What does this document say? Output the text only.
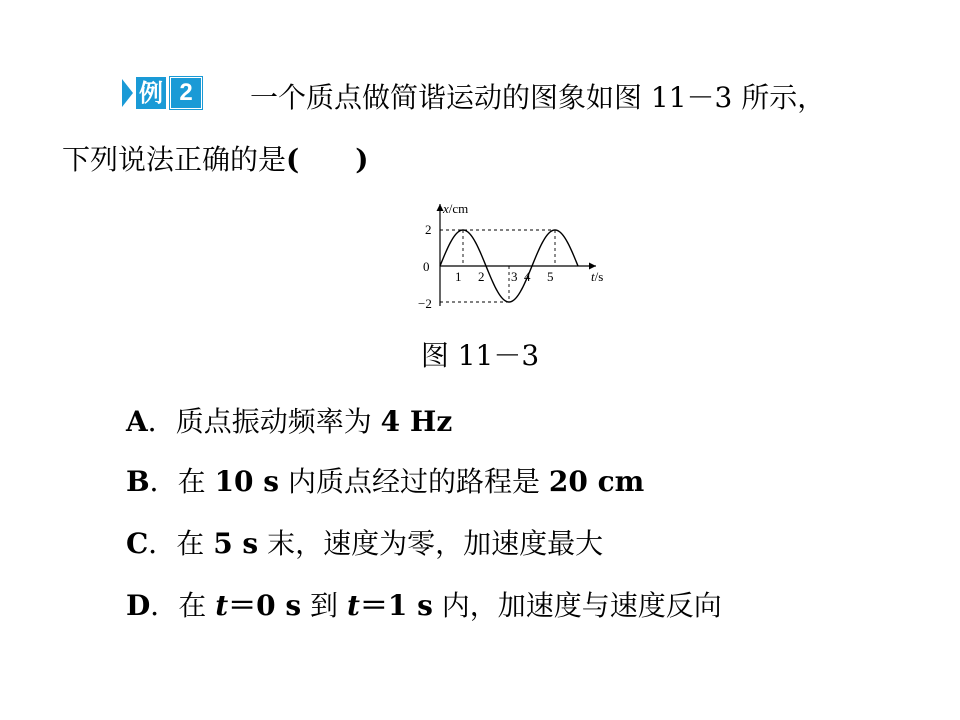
例 2	一个质点做简谐运动的图象如图 11－3 所示，
下列说法正确的是(　　)
x/cm
t/s
0
2
−2
1 2 3 4 5
图 11－3
A．质点振动频率为 4 Hz
B．在 10 s 内质点经过的路程是 20 cm
C．在 5 s 末，速度为零，加速度最大
D．在 t＝0 s 到 t＝1 s 内，加速度与速度反向
